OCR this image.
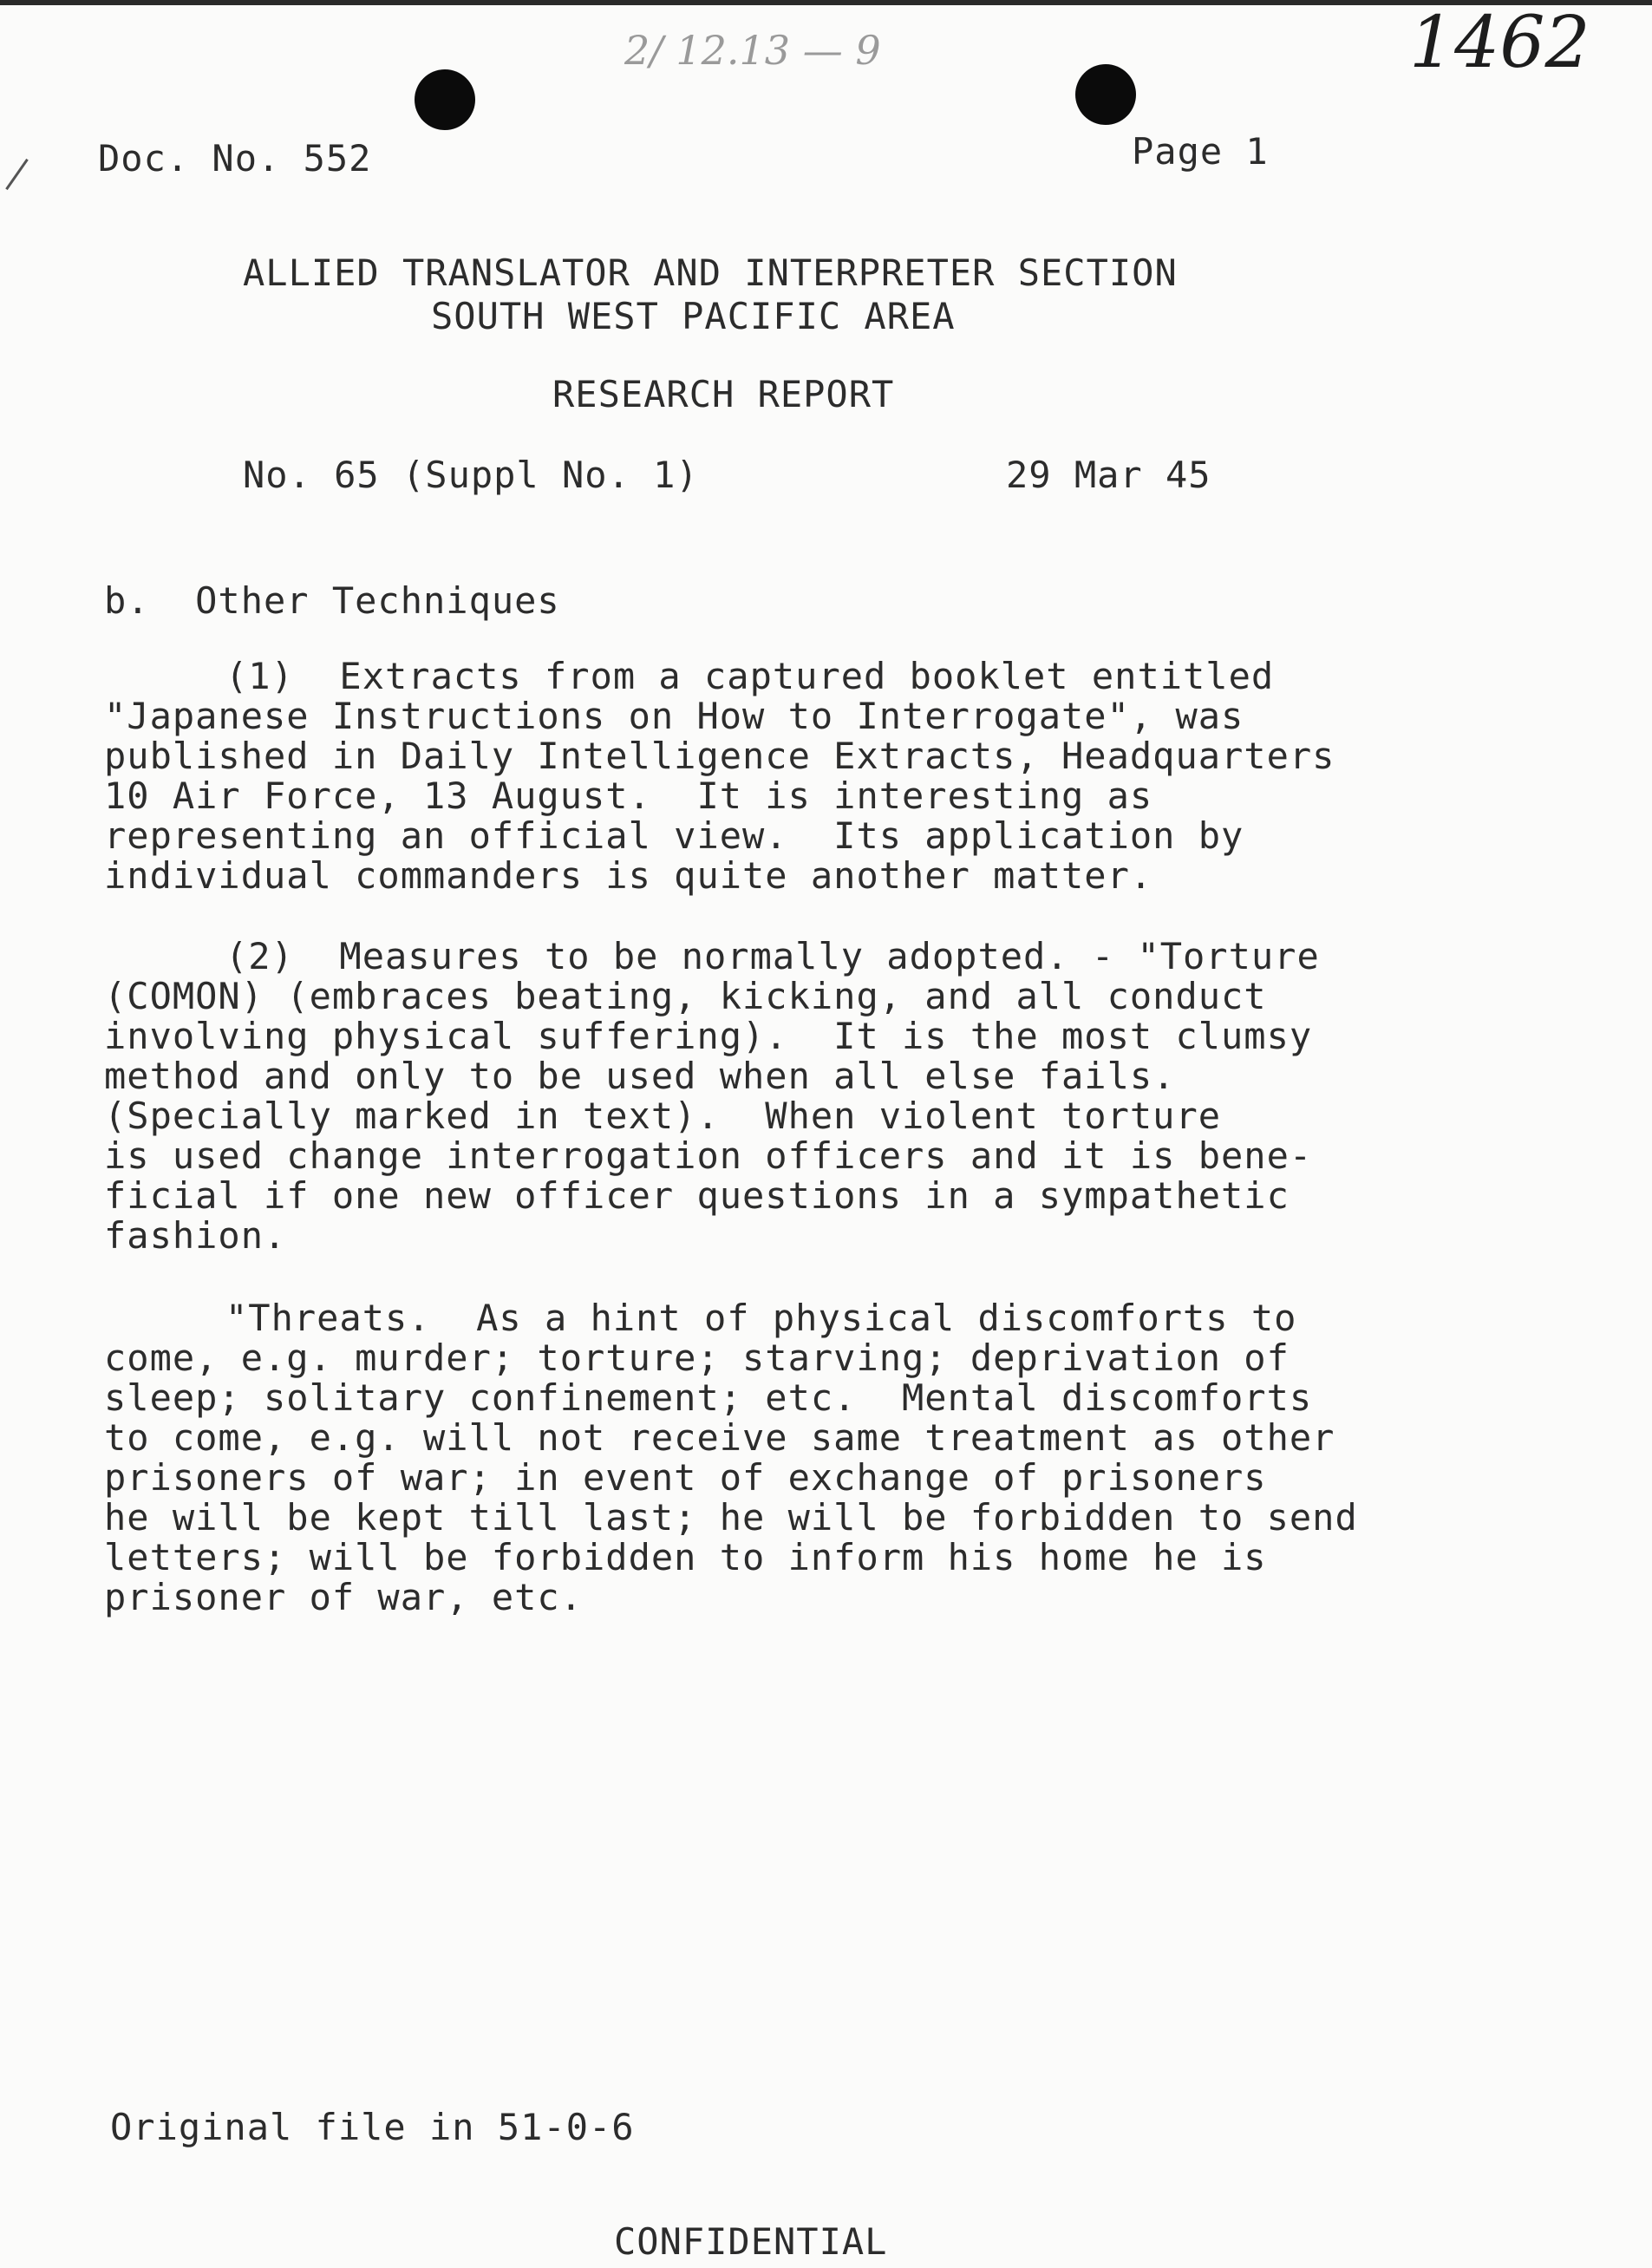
1462
2/ 12.13 — 9
Doc. No. 552	Page 1
ALLIED TRANSLATOR AND INTERPRETER SECTION
SOUTH WEST PACIFIC AREA
RESEARCH REPORT
No. 65 (Suppl No. 1)	29 Mar 45
b.  Other Techniques
(1)  Extracts from a captured booklet entitled
"Japanese Instructions on How to Interrogate", was
published in Daily Intelligence Extracts, Headquarters
10 Air Force, 13 August.  It is interesting as
representing an official view.  Its application by
individual commanders is quite another matter.
(2)  Measures to be normally adopted. - "Torture
(COMON) (embraces beating, kicking, and all conduct
involving physical suffering).  It is the most clumsy
method and only to be used when all else fails.
(Specially marked in text).  When violent torture
is used change interrogation officers and it is bene-
ficial if one new officer questions in a sympathetic
fashion.
"Threats.  As a hint of physical discomforts to
come, e.g. murder; torture; starving; deprivation of
sleep; solitary confinement; etc.  Mental discomforts
to come, e.g. will not receive same treatment as other
prisoners of war; in event of exchange of prisoners
he will be kept till last; he will be forbidden to send
letters; will be forbidden to inform his home he is
prisoner of war, etc.
Original file in 51-0-6
CONFIDENTIAL
